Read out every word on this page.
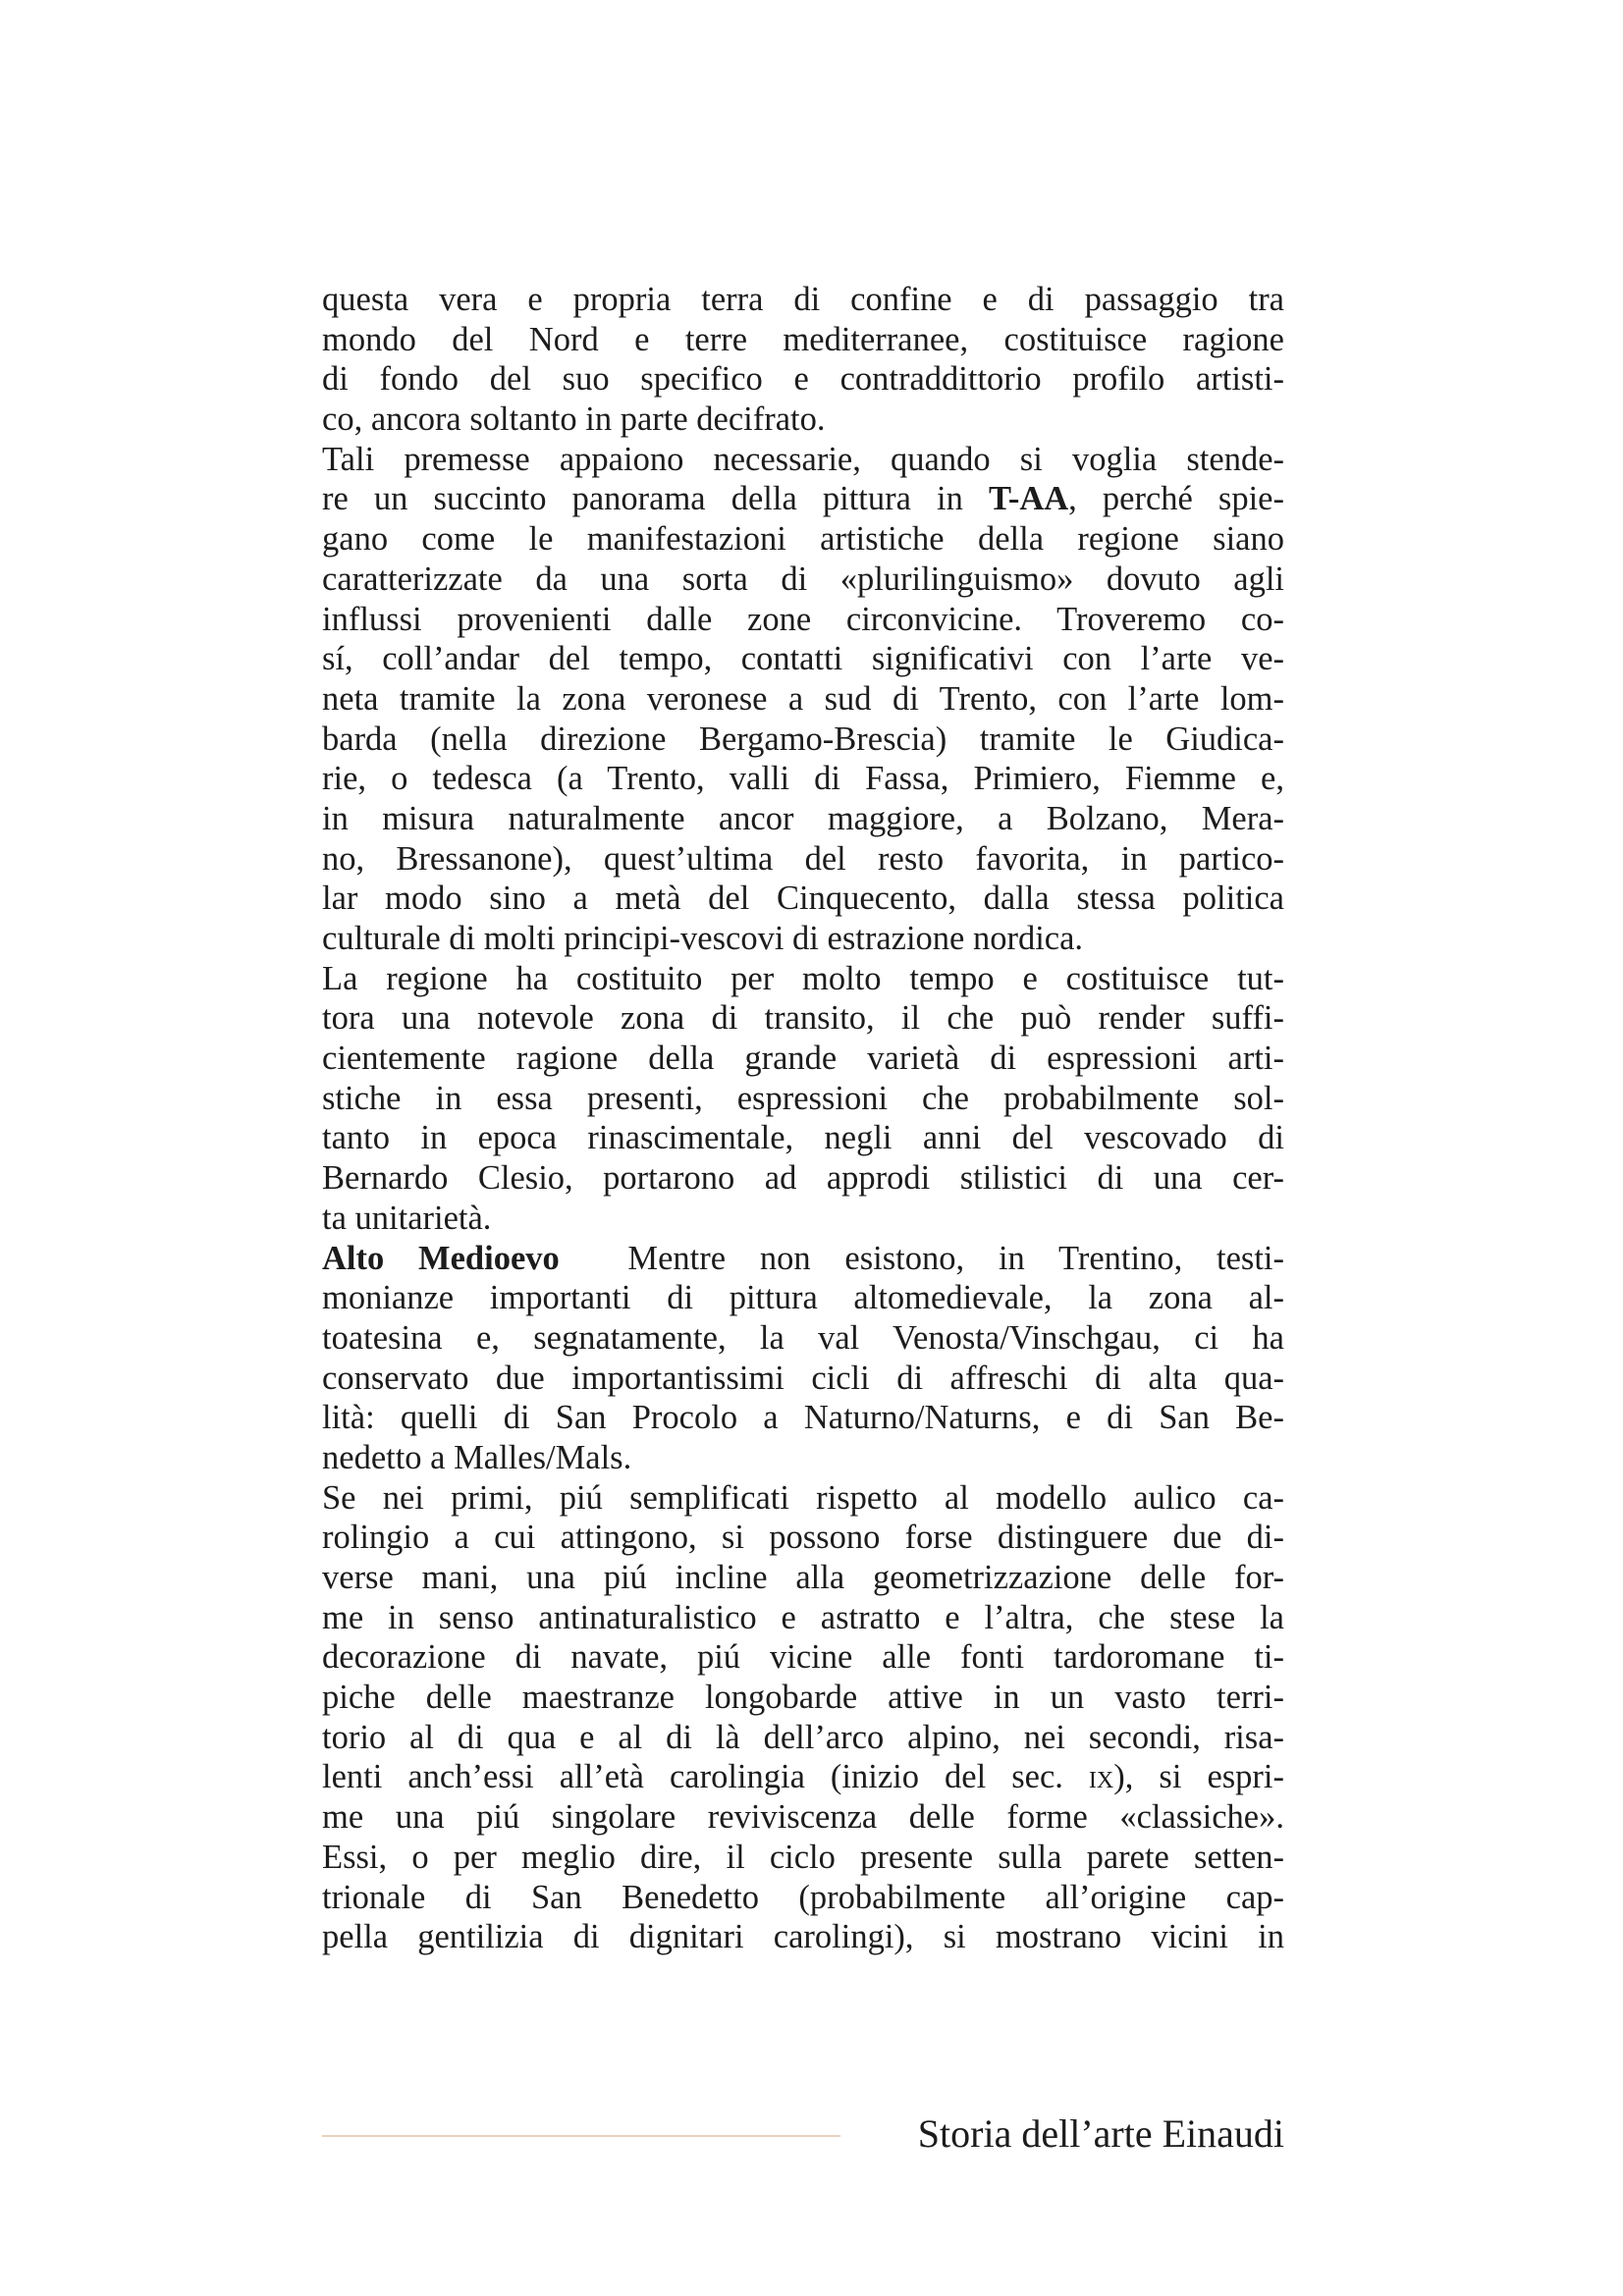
questa vera e propria terra di confine e di passaggio tra
mondo del Nord e terre mediterranee, costituisce ragione
di fondo del suo specifico e contraddittorio profilo artisti-
co, ancora soltanto in parte decifrato.
Tali premesse appaiono necessarie, quando si voglia stende-
re un succinto panorama della pittura in T-AA, perché spie-
gano come le manifestazioni artistiche della regione siano
caratterizzate da una sorta di «plurilinguismo» dovuto agli
influssi provenienti dalle zone circonvicine. Troveremo co-
sí, coll’andar del tempo, contatti significativi con l’arte ve-
neta tramite la zona veronese a sud di Trento, con l’arte lom-
barda (nella direzione Bergamo-Brescia) tramite le Giudica-
rie, o tedesca (a Trento, valli di Fassa, Primiero, Fiemme e,
in misura naturalmente ancor maggiore, a Bolzano, Mera-
no, Bressanone), quest’ultima del resto favorita, in partico-
lar modo sino a metà del Cinquecento, dalla stessa politica
culturale di molti principi-vescovi di estrazione nordica.
La regione ha costituito per molto tempo e costituisce tut-
tora una notevole zona di transito, il che può render suffi-
cientemente ragione della grande varietà di espressioni arti-
stiche in essa presenti, espressioni che probabilmente sol-
tanto in epoca rinascimentale, negli anni del vescovado di
Bernardo Clesio, portarono ad approdi stilistici di una cer-
ta unitarietà.
Alto Medioevo  Mentre non esistono, in Trentino, testi-
monianze importanti di pittura altomedievale, la zona al-
toatesina e, segnatamente, la val Venosta/Vinschgau, ci ha
conservato due importantissimi cicli di affreschi di alta qua-
lità: quelli di San Procolo a Naturno/Naturns, e di San Be-
nedetto a Malles/Mals.
Se nei primi, piú semplificati rispetto al modello aulico ca-
rolingio a cui attingono, si possono forse distinguere due di-
verse mani, una piú incline alla geometrizzazione delle for-
me in senso antinaturalistico e astratto e l’altra, che stese la
decorazione di navate, piú vicine alle fonti tardoromane ti-
piche delle maestranze longobarde attive in un vasto terri-
torio al di qua e al di là dell’arco alpino, nei secondi, risa-
lenti anch’essi all’età carolingia (inizio del sec. ix), si espri-
me una piú singolare reviviscenza delle forme «classiche».
Essi, o per meglio dire, il ciclo presente sulla parete setten-
trionale di San Benedetto (probabilmente all’origine cap-
pella gentilizia di dignitari carolingi), si mostrano vicini in
Storia dell’arte Einaudi
